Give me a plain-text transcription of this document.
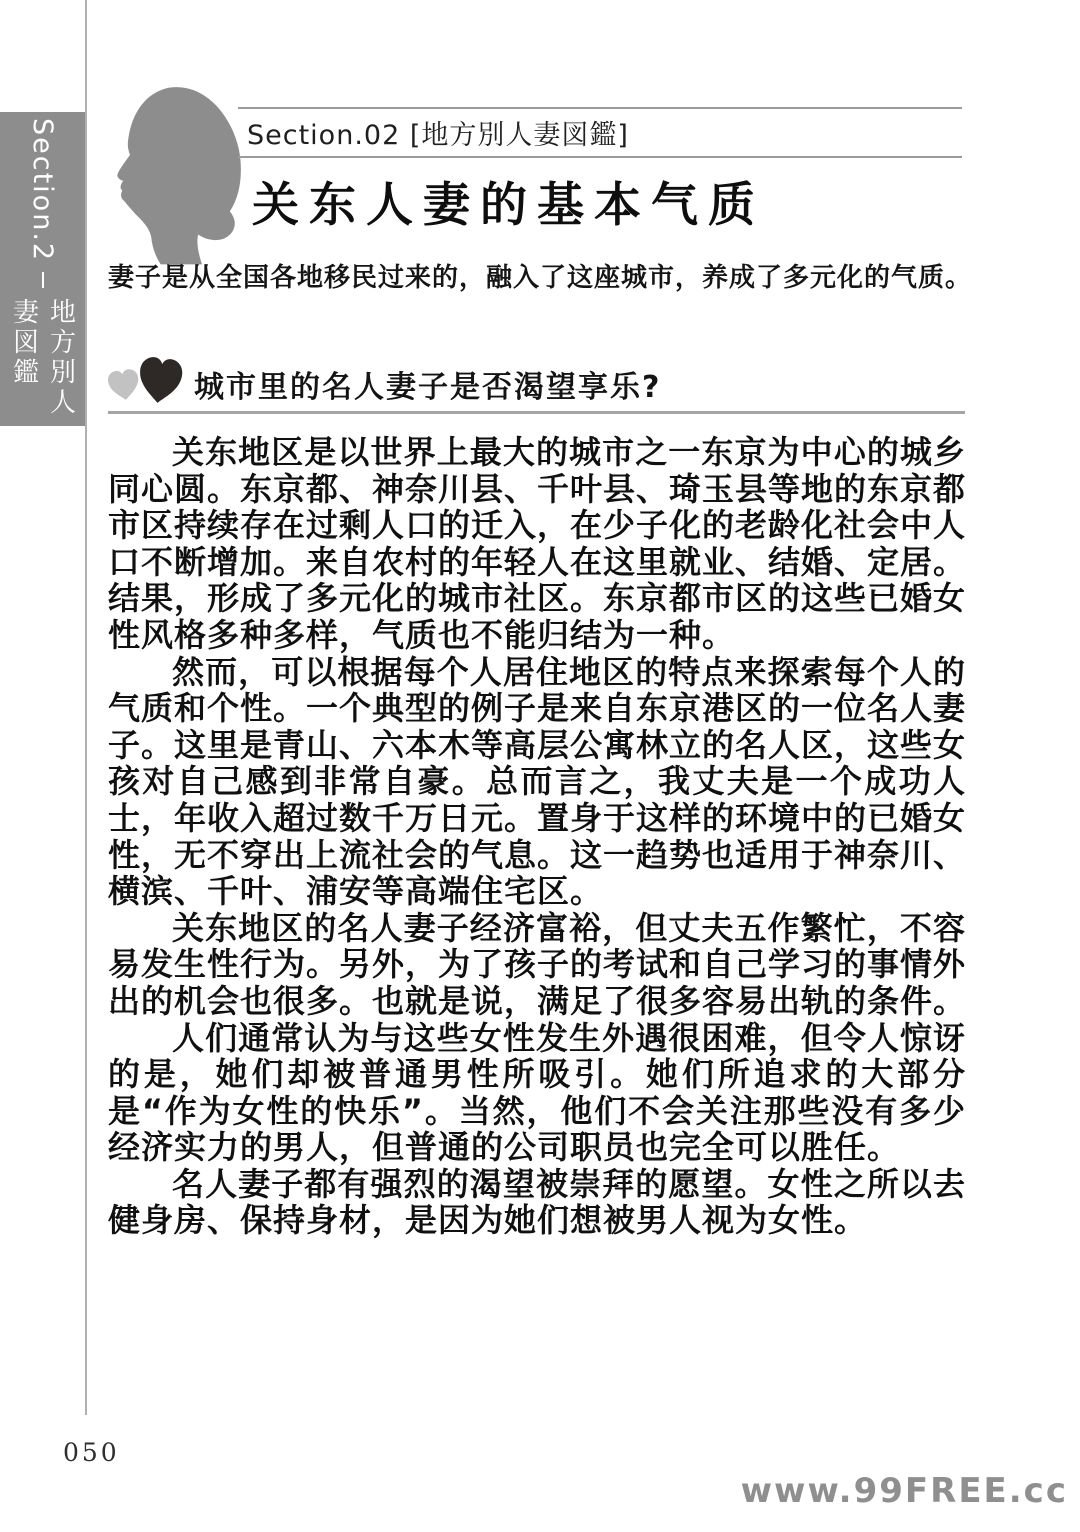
Section.2
地方別人妻図鑑
Section.02 [地方別人妻図鑑]
关东人妻的基本气质
妻子是从全国各地移民过来的，融入了这座城市，养成了多元化的气质。
城市里的名人妻子是否渴望享乐?

关东地区是以世界上最大的城市之一东京为中心的城乡同心圆。东京都、神奈川县、千叶县、琦玉县等地的东京都市区持续存在过剩人口的迁入，在少子化的老龄化社会中人口不断增加。来自农村的年轻人在这里就业、结婚、定居。结果，形成了多元化的城市社区。东京都市区的这些已婚女性风格多种多样，气质也不能归结为一种。

然而，可以根据每个人居住地区的特点来探索每个人的气质和个性。一个典型的例子是来自东京港区的一位名人妻子。这里是青山、六本木等高层公寓林立的名人区，这些女孩对自己感到非常自豪。总而言之，我丈夫是一个成功人士，年收入超过数千万日元。置身于这样的环境中的已婚女性，无不穿出上流社会的气息。这一趋势也适用于神奈川、横滨、千叶、浦安等高端住宅区。

关东地区的名人妻子经济富裕，但丈夫五作繁忙，不容易发生性行为。另外，为了孩子的考试和自己学习的事情外出的机会也很多。也就是说，满足了很多容易出轨的条件。

人们通常认为与这些女性发生外遇很困难，但令人惊讶的是，她们却被普通男性所吸引。她们所追求的大部分是“作为女性的快乐”。当然，他们不会关注那些没有多少经济实力的男人，但普通的公司职员也完全可以胜任。

名人妻子都有强烈的渴望被崇拜的愿望。女性之所以去健身房、保持身材，是因为她们想被男人视为女性。

050
www.99FREE.cc
